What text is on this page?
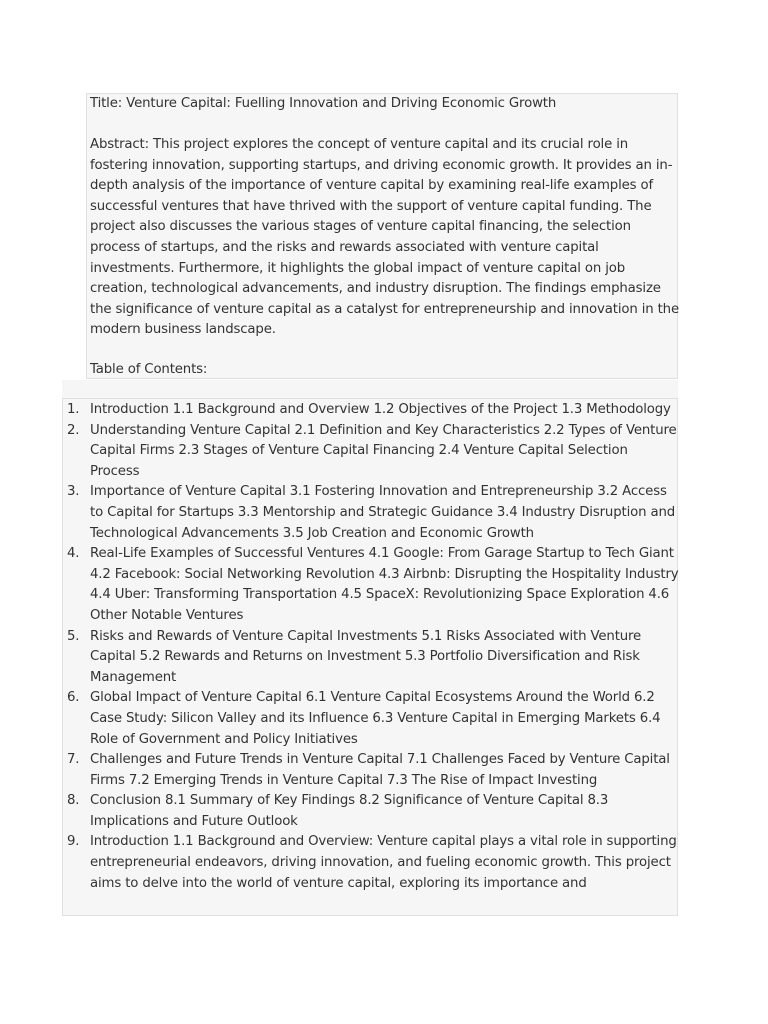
Title: Venture Capital: Fuelling Innovation and Driving Economic Growth

Abstract: This project explores the concept of venture capital and its crucial role in fostering innovation, supporting startups, and driving economic growth. It provides an in-depth analysis of the importance of venture capital by examining real-life examples of successful ventures that have thrived with the support of venture capital funding. The project also discusses the various stages of venture capital financing, the selection process of startups, and the risks and rewards associated with venture capital investments. Furthermore, it highlights the global impact of venture capital on job creation, technological advancements, and industry disruption. The findings emphasize the significance of venture capital as a catalyst for entrepreneurship and innovation in the modern business landscape.

Table of Contents:

1. Introduction 1.1 Background and Overview 1.2 Objectives of the Project 1.3 Methodology
2. Understanding Venture Capital 2.1 Definition and Key Characteristics 2.2 Types of Venture Capital Firms 2.3 Stages of Venture Capital Financing 2.4 Venture Capital Selection Process
3. Importance of Venture Capital 3.1 Fostering Innovation and Entrepreneurship 3.2 Access to Capital for Startups 3.3 Mentorship and Strategic Guidance 3.4 Industry Disruption and Technological Advancements 3.5 Job Creation and Economic Growth
4. Real-Life Examples of Successful Ventures 4.1 Google: From Garage Startup to Tech Giant 4.2 Facebook: Social Networking Revolution 4.3 Airbnb: Disrupting the Hospitality Industry 4.4 Uber: Transforming Transportation 4.5 SpaceX: Revolutionizing Space Exploration 4.6 Other Notable Ventures
5. Risks and Rewards of Venture Capital Investments 5.1 Risks Associated with Venture Capital 5.2 Rewards and Returns on Investment 5.3 Portfolio Diversification and Risk Management
6. Global Impact of Venture Capital 6.1 Venture Capital Ecosystems Around the World 6.2 Case Study: Silicon Valley and its Influence 6.3 Venture Capital in Emerging Markets 6.4 Role of Government and Policy Initiatives
7. Challenges and Future Trends in Venture Capital 7.1 Challenges Faced by Venture Capital Firms 7.2 Emerging Trends in Venture Capital 7.3 The Rise of Impact Investing
8. Conclusion 8.1 Summary of Key Findings 8.2 Significance of Venture Capital 8.3 Implications and Future Outlook
9. Introduction 1.1 Background and Overview: Venture capital plays a vital role in supporting entrepreneurial endeavors, driving innovation, and fueling economic growth. This project aims to delve into the world of venture capital, exploring its importance and
